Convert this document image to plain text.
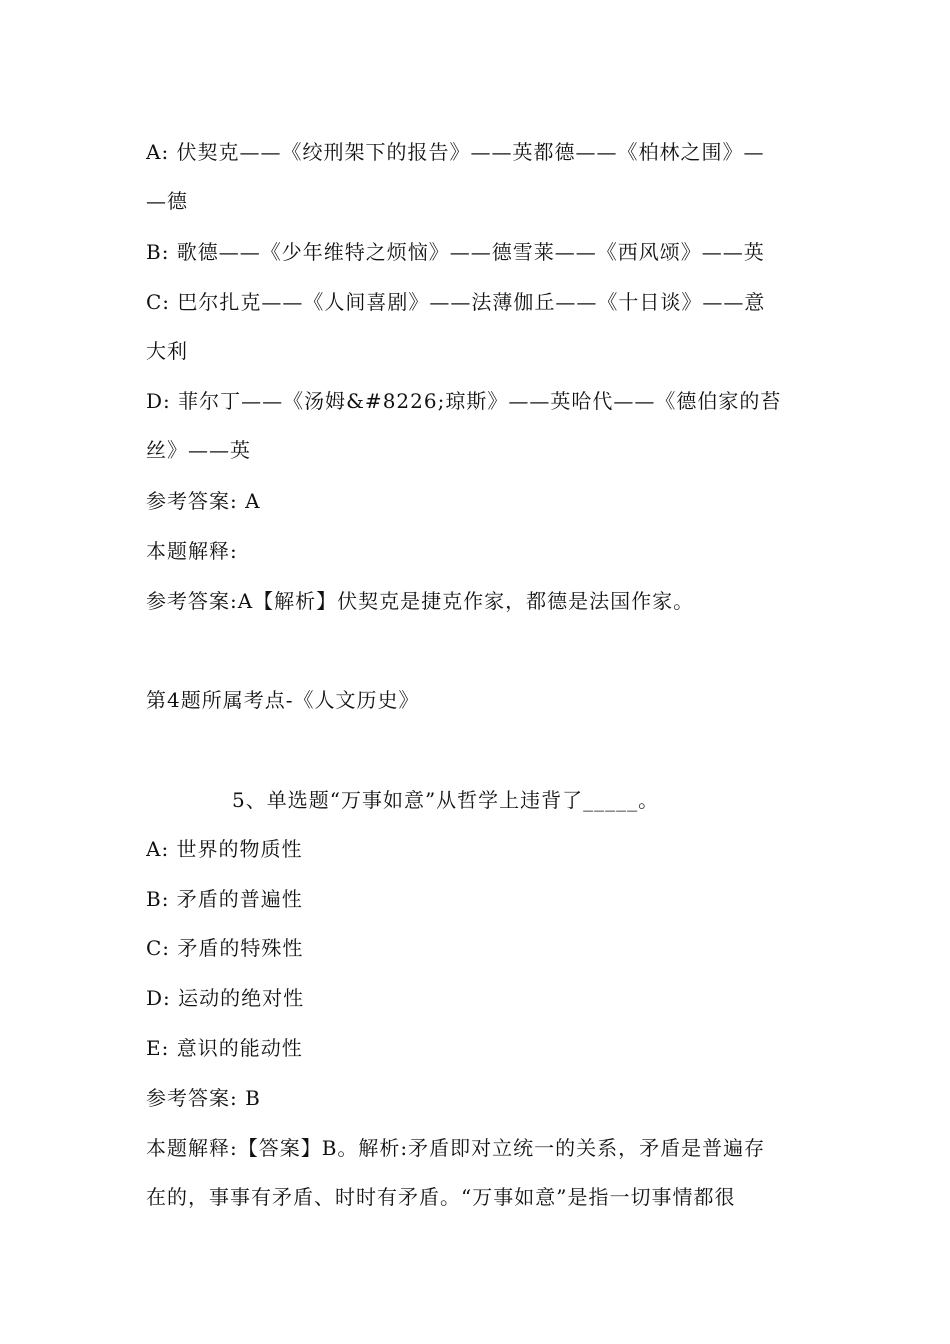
A: 伏契克——《绞刑架下的报告》——英都德——《柏林之围》—
—德
B: 歌德——《少年维特之烦恼》——德雪莱——《西风颂》——英
C: 巴尔扎克——《人间喜剧》——法薄伽丘——《十日谈》——意
大利
D: 菲尔丁——《汤姆&#8226;琼斯》——英哈代——《德伯家的苔
丝》——英
参考答案: A
本题解释:
参考答案:A【解析】伏契克是捷克作家，都德是法国作家。
第4题所属考点-《人文历史》
5、单选题“万事如意”从哲学上违背了_____。
A: 世界的物质性
B: 矛盾的普遍性
C: 矛盾的特殊性
D: 运动的绝对性
E: 意识的能动性
参考答案: B
本题解释:【答案】B。解析:矛盾即对立统一的关系，矛盾是普遍存
在的，事事有矛盾、时时有矛盾。“万事如意”是指一切事情都很
